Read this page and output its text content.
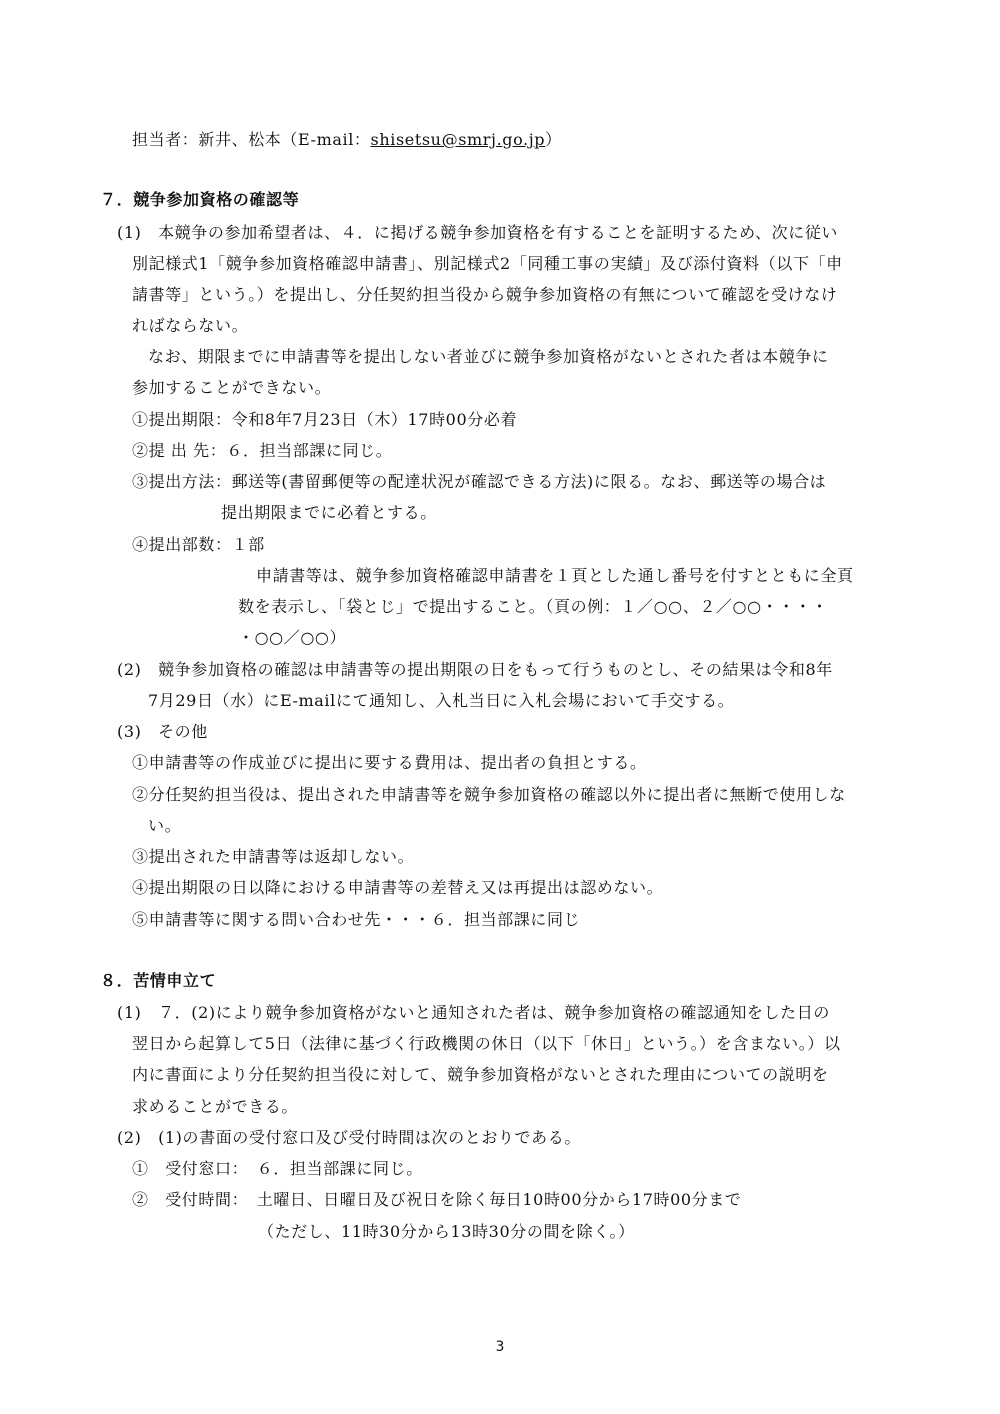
担当者：新井、松本（E-mail：shisetsu@smrj.go.jp）
７．競争参加資格の確認等
(1)　本競争の参加希望者は、４．に掲げる競争参加資格を有することを証明するため、次に従い
別記様式1「競争参加資格確認申請書」、別記様式2「同種工事の実績」及び添付資料（以下「申
請書等」という。）を提出し、分任契約担当役から競争参加資格の有無について確認を受けなけ
ればならない。
なお、期限までに申請書等を提出しない者並びに競争参加資格がないとされた者は本競争に
参加することができない。
①提出期限：令和8年7月23日（木）17時00分必着
②提 出 先：６．担当部課に同じ。
③提出方法：郵送等(書留郵便等の配達状況が確認できる方法)に限る。なお、郵送等の場合は
提出期限までに必着とする。
④提出部数：１部
申請書等は、競争参加資格確認申請書を１頁とした通し番号を付すとともに全頁
数を表示し、「袋とじ」で提出すること。（頁の例：１／○○、２／○○・・・・
・○○／○○）
(2)　競争参加資格の確認は申請書等の提出期限の日をもって行うものとし、その結果は令和8年
7月29日（水）にE-mailにて通知し、入札当日に入札会場において手交する。
(3)　その他
①申請書等の作成並びに提出に要する費用は、提出者の負担とする。
②分任契約担当役は、提出された申請書等を競争参加資格の確認以外に提出者に無断で使用しな
い。
③提出された申請書等は返却しない。
④提出期限の日以降における申請書等の差替え又は再提出は認めない。
⑤申請書等に関する問い合わせ先・・・６．担当部課に同じ
８．苦情申立て
(1)　７．(2)により競争参加資格がないと通知された者は、競争参加資格の確認通知をした日の
翌日から起算して5日（法律に基づく行政機関の休日（以下「休日」という。）を含まない。）以
内に書面により分任契約担当役に対して、競争参加資格がないとされた理由についての説明を
求めることができる。
(2)　(1)の書面の受付窓口及び受付時間は次のとおりである。
①　受付窓口：　６．担当部課に同じ。
②　受付時間：　土曜日、日曜日及び祝日を除く毎日10時00分から17時00分まで
（ただし、11時30分から13時30分の間を除く。）
3
